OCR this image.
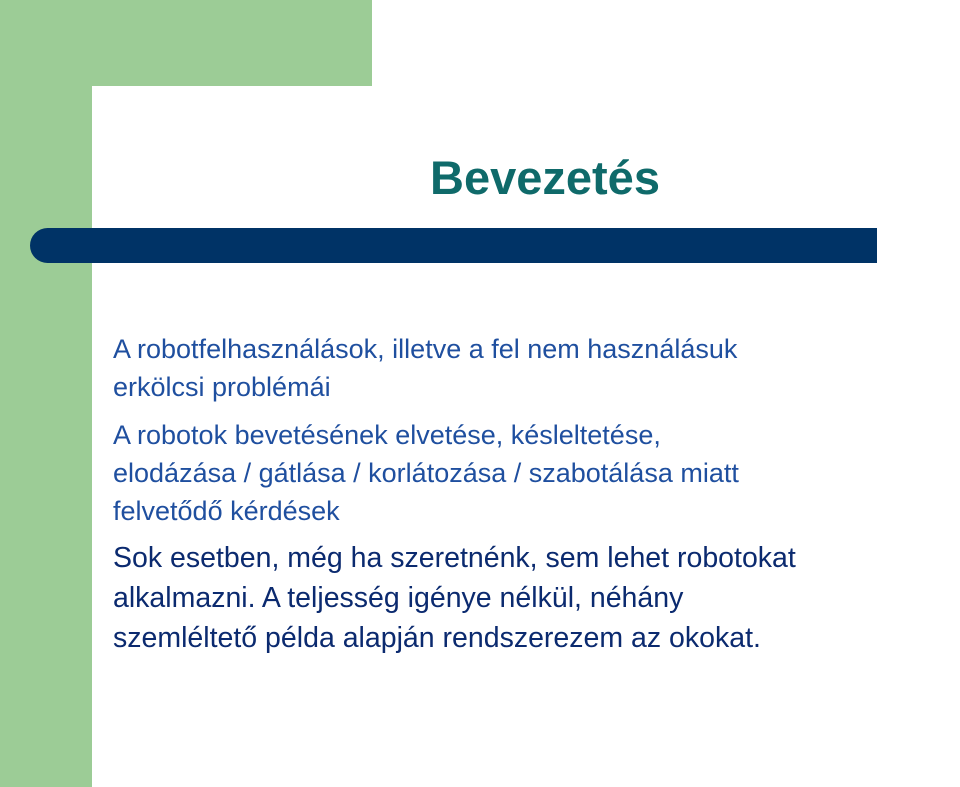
Bevezetés
A robotfelhasználások, illetve a fel nem használásuk
erkölcsi problémái
A robotok bevetésének elvetése, késleltetése,
elodázása / gátlása / korlátozása / szabotálása miatt
felvetődő kérdések
Sok esetben, még ha szeretnénk, sem lehet robotokat
alkalmazni. A teljesség igénye nélkül, néhány
szemléltető példa alapján rendszerezem az okokat.
